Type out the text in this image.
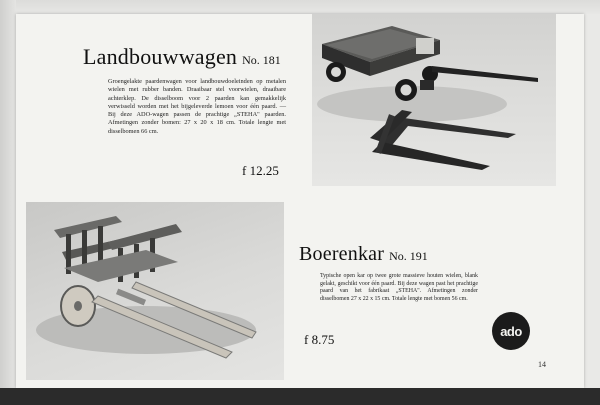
Landbouwwagen No. 181

Groengelakte paardenwagen voor landbouwdoeleinden op metalen wielen met rubber banden. Draaibaar stel voorwielen, draaibare achterklep. De disselboom voor 2 paarden kan gemakkelijk verwisseld worden met het bijgeleverde lemoen voor één paard. — Bij deze ADO-wagen passen de prachtige „STEHA" paarden. Afmetingen zonder bomen: 27 x 20 x 18 cm. Totale lengte met disselbomen 66 cm.

f 12.25
Boerenkar No. 191

Typische open kar op twee grote massieve houten wielen, blank gelakt, geschikt voor één paard. Bij deze wagen past het prachtige paard van het fabrikaat „STEHA". Afmetingen zonder disselbomen 27 x 22 x 15 cm. Totale lengte met bomen 56 cm.

f 8.75
ado
14
